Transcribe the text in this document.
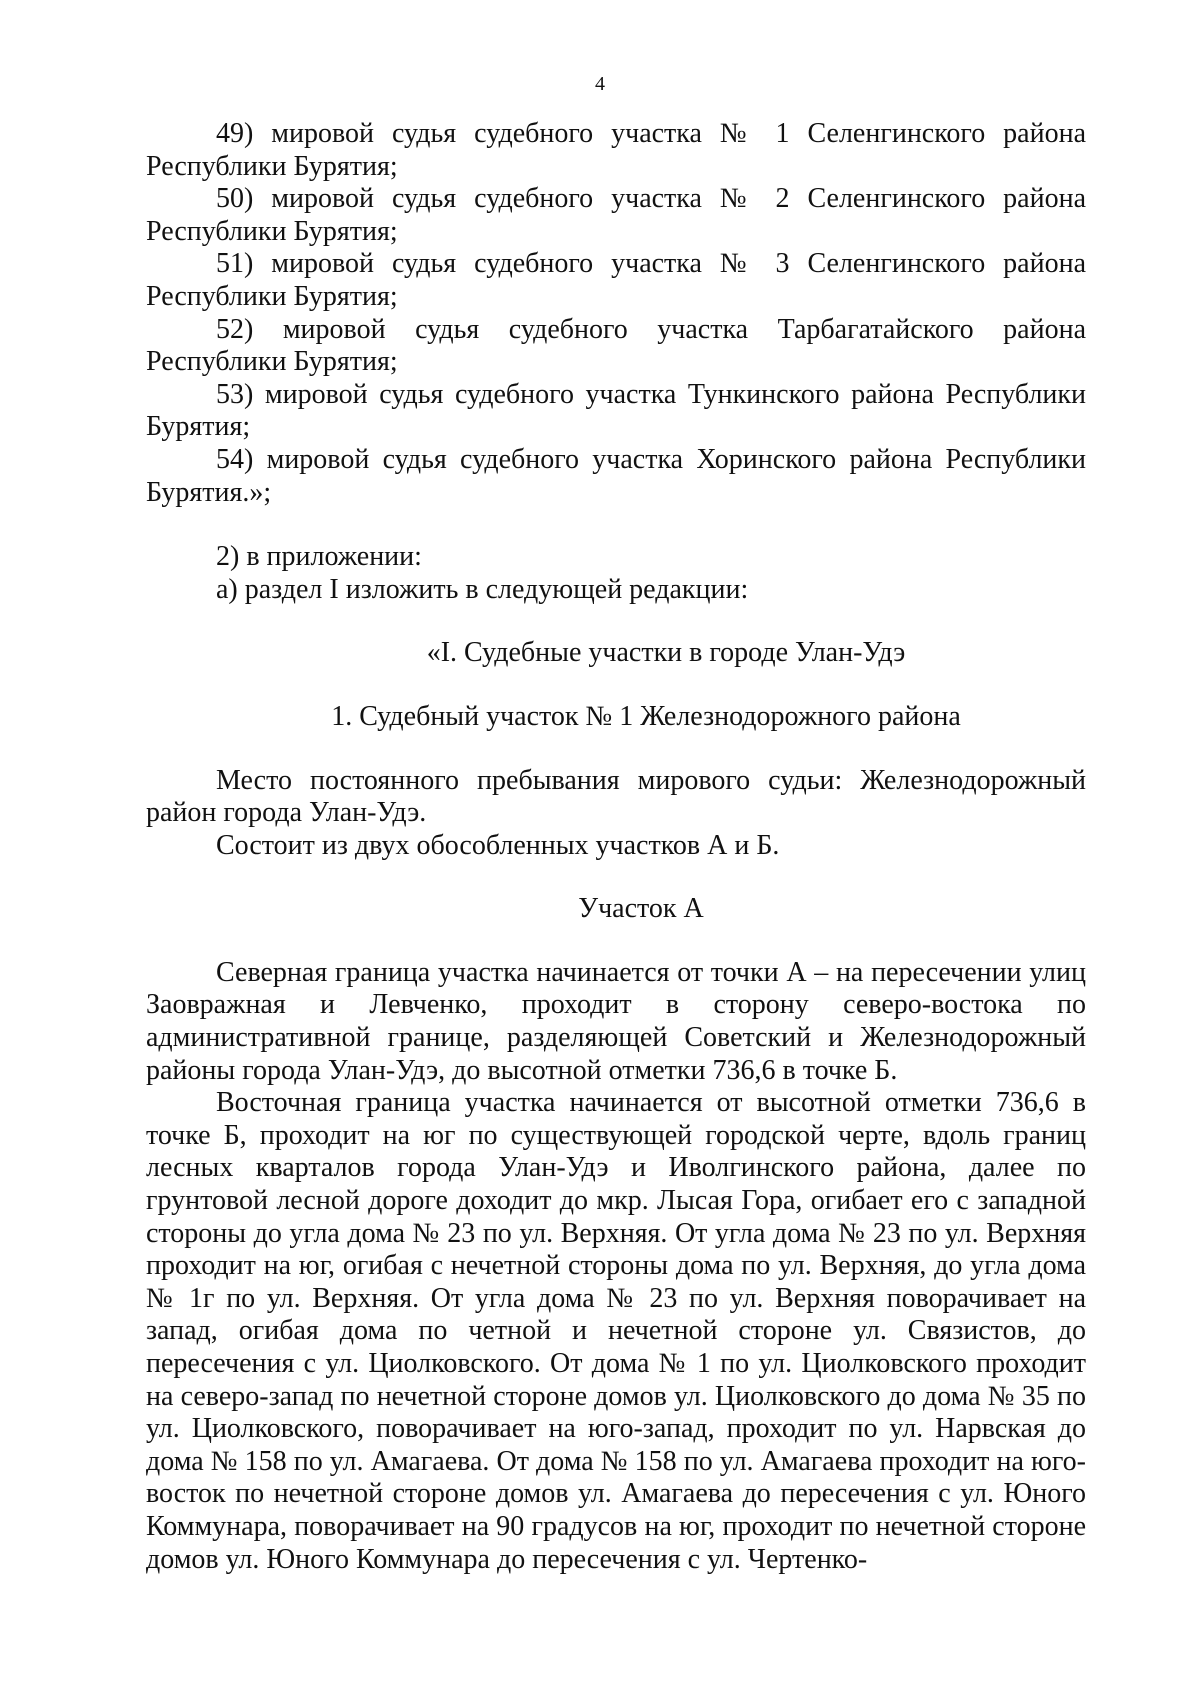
4

49) мировой судья судебного участка № 1 Селенгинского района Республики Бурятия;

50) мировой судья судебного участка № 2 Селенгинского района Республики Бурятия;

51) мировой судья судебного участка № 3 Селенгинского района Республики Бурятия;

52) мировой судья судебного участка Тарбагатайского района Республики Бурятия;

53) мировой судья судебного участка Тункинского района Республики Бурятия;

54) мировой судья судебного участка Хоринского района Республики Бурятия.»;

2) в приложении:

а) раздел I изложить в следующей редакции:

«I. Судебные участки в городе Улан-Удэ

1. Судебный участок № 1 Железнодорожного района

Место постоянного пребывания мирового судьи: Железнодорожный район города Улан-Удэ.

Состоит из двух обособленных участков А и Б.

Участок А

Северная граница участка начинается от точки А – на пересечении улиц Заовражная и Левченко, проходит в сторону северо-востока по административной границе, разделяющей Советский и Железнодорожный районы города Улан-Удэ, до высотной отметки 736,6 в точке Б.

Восточная граница участка начинается от высотной отметки 736,6 в точке Б, проходит на юг по существующей городской черте, вдоль границ лесных кварталов города Улан-Удэ и Иволгинского района, далее по грунтовой лесной дороге доходит до мкр. Лысая Гора, огибает его с западной стороны до угла дома № 23 по ул. Верхняя. От угла дома № 23 по ул. Верхняя проходит на юг, огибая с нечетной стороны дома по ул. Верхняя, до угла дома № 1г по ул. Верхняя. От угла дома № 23 по ул. Верхняя поворачивает на запад, огибая дома по четной и нечетной стороне ул. Связистов, до пересечения с ул. Циолковского. От дома № 1 по ул. Циолковского проходит на северо-запад по нечетной стороне домов ул. Циолковского до дома № 35 по ул. Циолковского, поворачивает на юго-запад, проходит по ул. Нарвская до дома № 158 по ул. Амагаева. От дома № 158 по ул. Амагаева проходит на юго-восток по нечетной стороне домов ул. Амагаева до пересечения с ул. Юного Коммунара, поворачивает на 90 градусов на юг, проходит по нечетной стороне домов ул. Юного Коммунара до пересечения с ул. Чертенко-
